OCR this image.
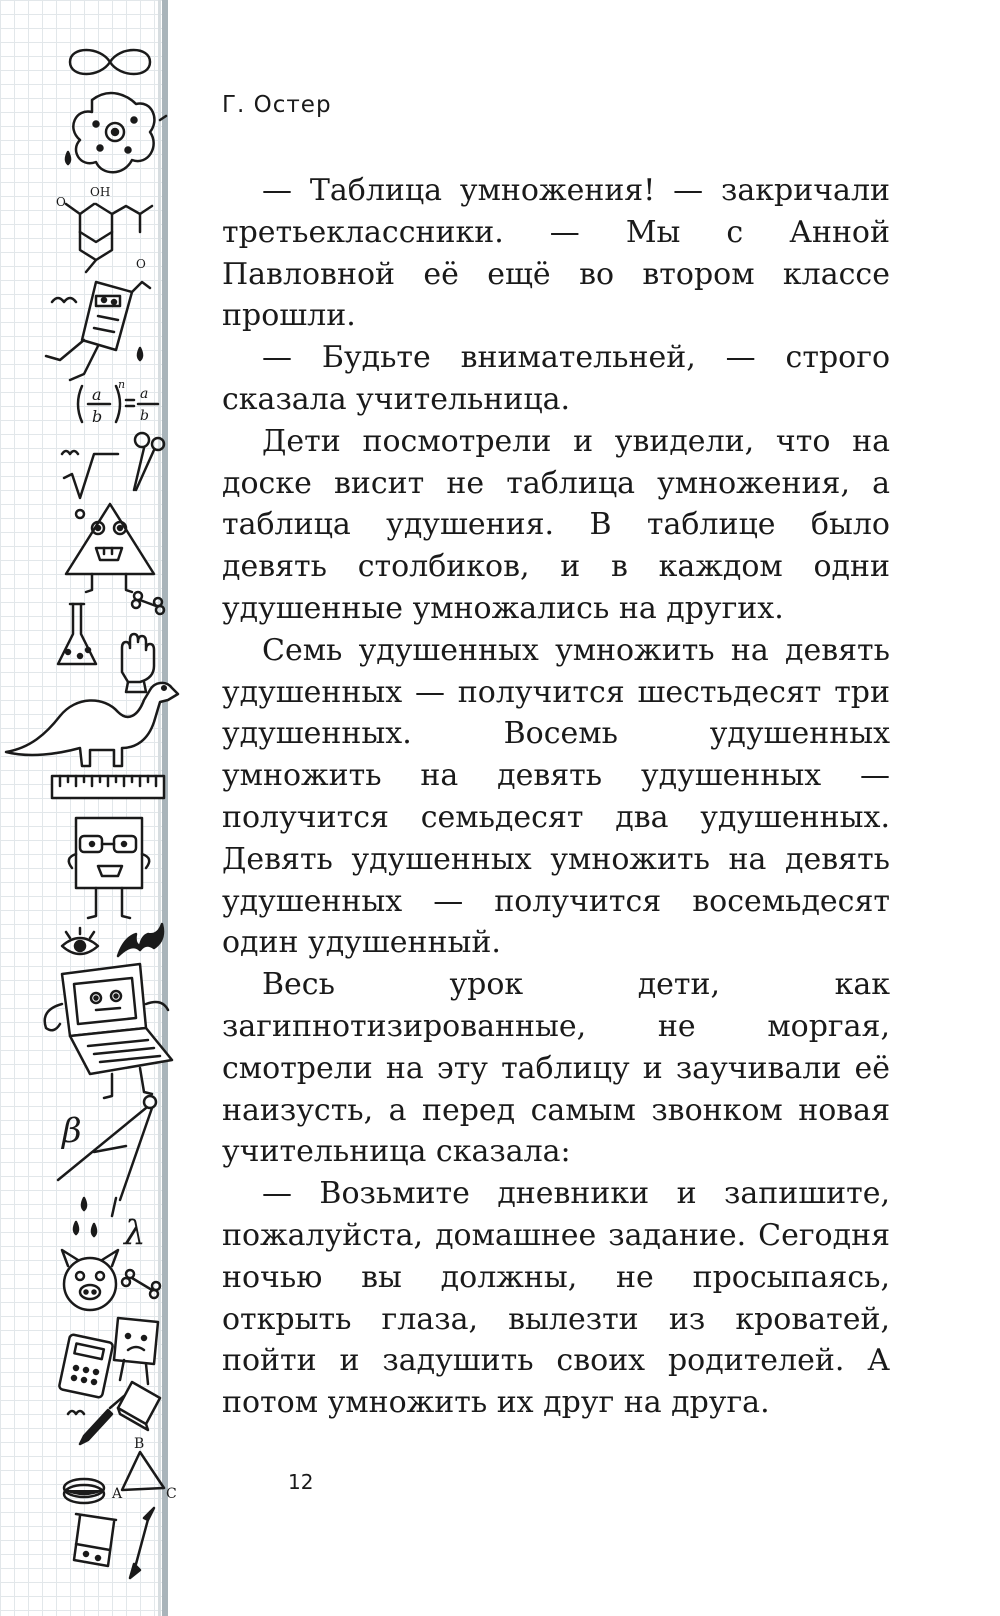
OH
O
O
a
b
n
a
b
β
λ
B
A	C
Г. Остер

— Таблица умножения! — закричали третьеклассники. — Мы с Анной Павловной её ещё во втором классе прошли.

— Будьте внимательней, — строго сказала учительница.

Дети посмотрели и увидели, что на доске висит не таблица умножения, а таблица удушения. В таблице было девять столбиков, и в каждом одни удушенные умножались на других.

Семь удушенных умножить на девять удушенных — получится шестьдесят три удушенных. Восемь удушенных умножить на девять удушенных — получится семьдесят два удушенных. Девять удушенных умножить на девять удушенных — получится восемьдесят один удушенный.

Весь урок дети, как загипнотизированные, не моргая, смотрели на эту таблицу и заучивали её наизусть, а перед самым звонком новая учительница сказала:

— Возьмите дневники и запишите, пожалуйста, домашнее задание. Сегодня ночью вы должны, не просыпаясь, открыть глаза, вылезти из кроватей, пойти и задушить своих родителей. А потом умножить их друг на друга.

12
